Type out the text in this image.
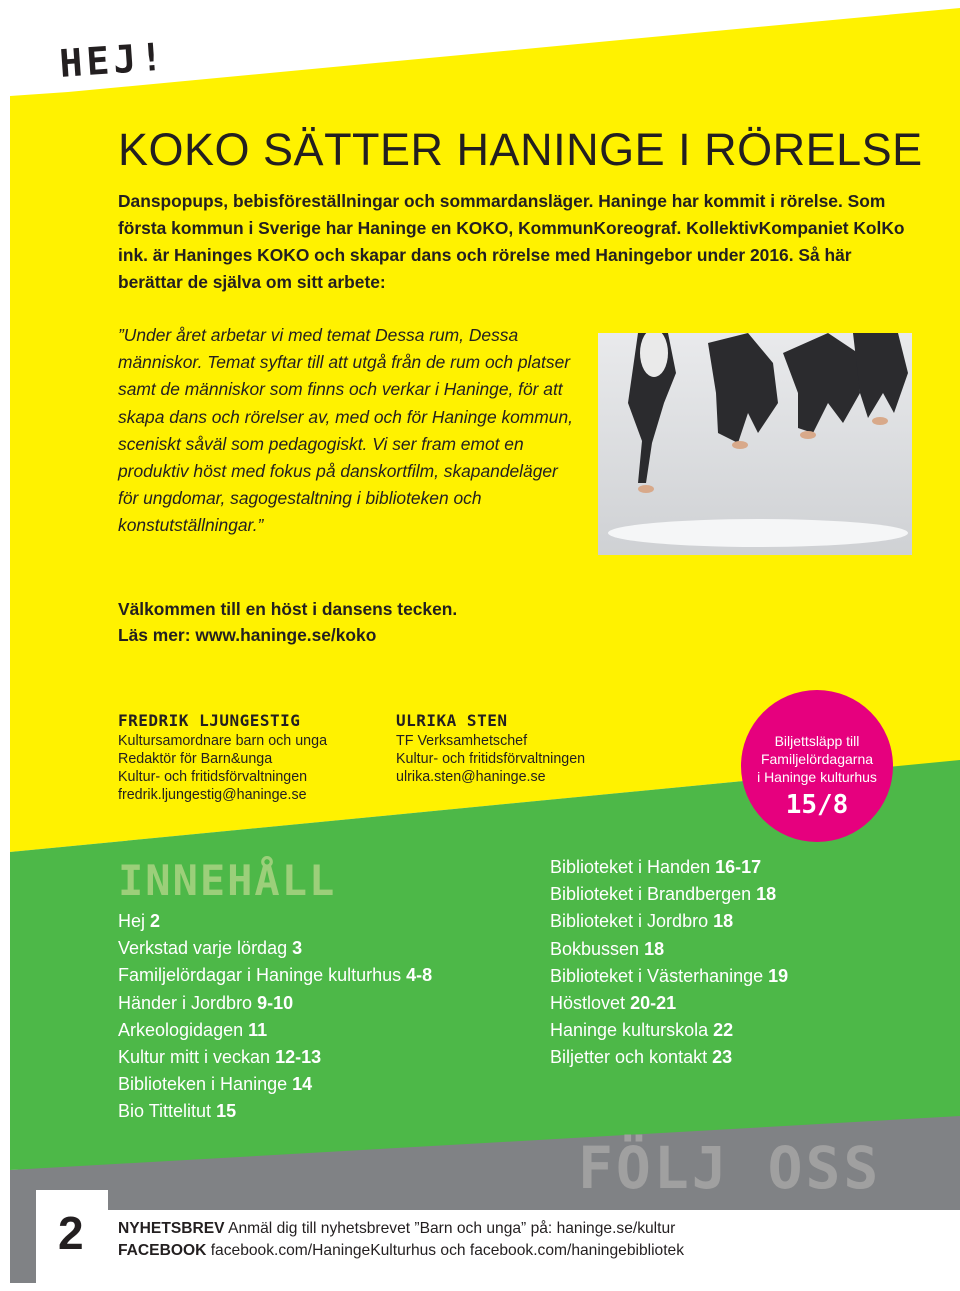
HEJ!
KOKO SÄTTER HANINGE I RÖRELSE

Danspopups, bebisföreställningar och sommardansläger. Haninge har kommit i rörelse. Som första kommun i Sverige har Haninge en KOKO, KommunKoreograf. KollektivKompaniet KolKo ink. är Haninges KOKO och skapar dans och rörelse med Haningebor under 2016. Så här berättar de själva om sitt arbete:

”Under året arbetar vi med temat Dessa rum, Dessa människor. Temat syftar till att utgå från de rum och platser samt de människor som finns och verkar i Haninge, för att skapa dans och rörelser av, med och för Haninge kommun, sceniskt såväl som pedagogiskt. Vi ser fram emot en produktiv höst med fokus på danskortfilm, skapandeläger för ungdomar, sagogestaltning i biblioteken och konstutställningar.”

Välkommen till en höst i dansens tecken.
Läs mer: www.haninge.se/koko
FREDRIK LJUNGESTIG
Kultursamordnare barn och unga
Redaktör för Barn&unga
Kultur- och fritidsförvaltningen
fredrik.ljungestig@haninge.se
ULRIKA STEN
TF Verksamhetschef
Kultur- och fritidsförvaltningen
ulrika.sten@haninge.se
Biljettsläpp till
Familjelördagarna
i Haninge kulturhus
15/8
INNEHÅLL
Hej 2
Verkstad varje lördag 3
Familjelördagar i Haninge kulturhus 4-8
Händer i Jordbro 9-10
Arkeologidagen 11
Kultur mitt i veckan 12-13
Biblioteken i Haninge 14
Bio Tittelitut 15
Biblioteket i Handen 16-17
Biblioteket i Brandbergen 18
Biblioteket i Jordbro 18
Bokbussen 18
Biblioteket i Västerhaninge 19
Höstlovet 20-21
Haninge kulturskola 22
Biljetter och kontakt 23
FÖLJ OSS
2 NYHETSBREV Anmäl dig till nyhetsbrevet ”Barn och unga” på: haninge.se/kultur
FACEBOOK facebook.com/HaningeKulturhus och facebook.com/haningebibliotek
